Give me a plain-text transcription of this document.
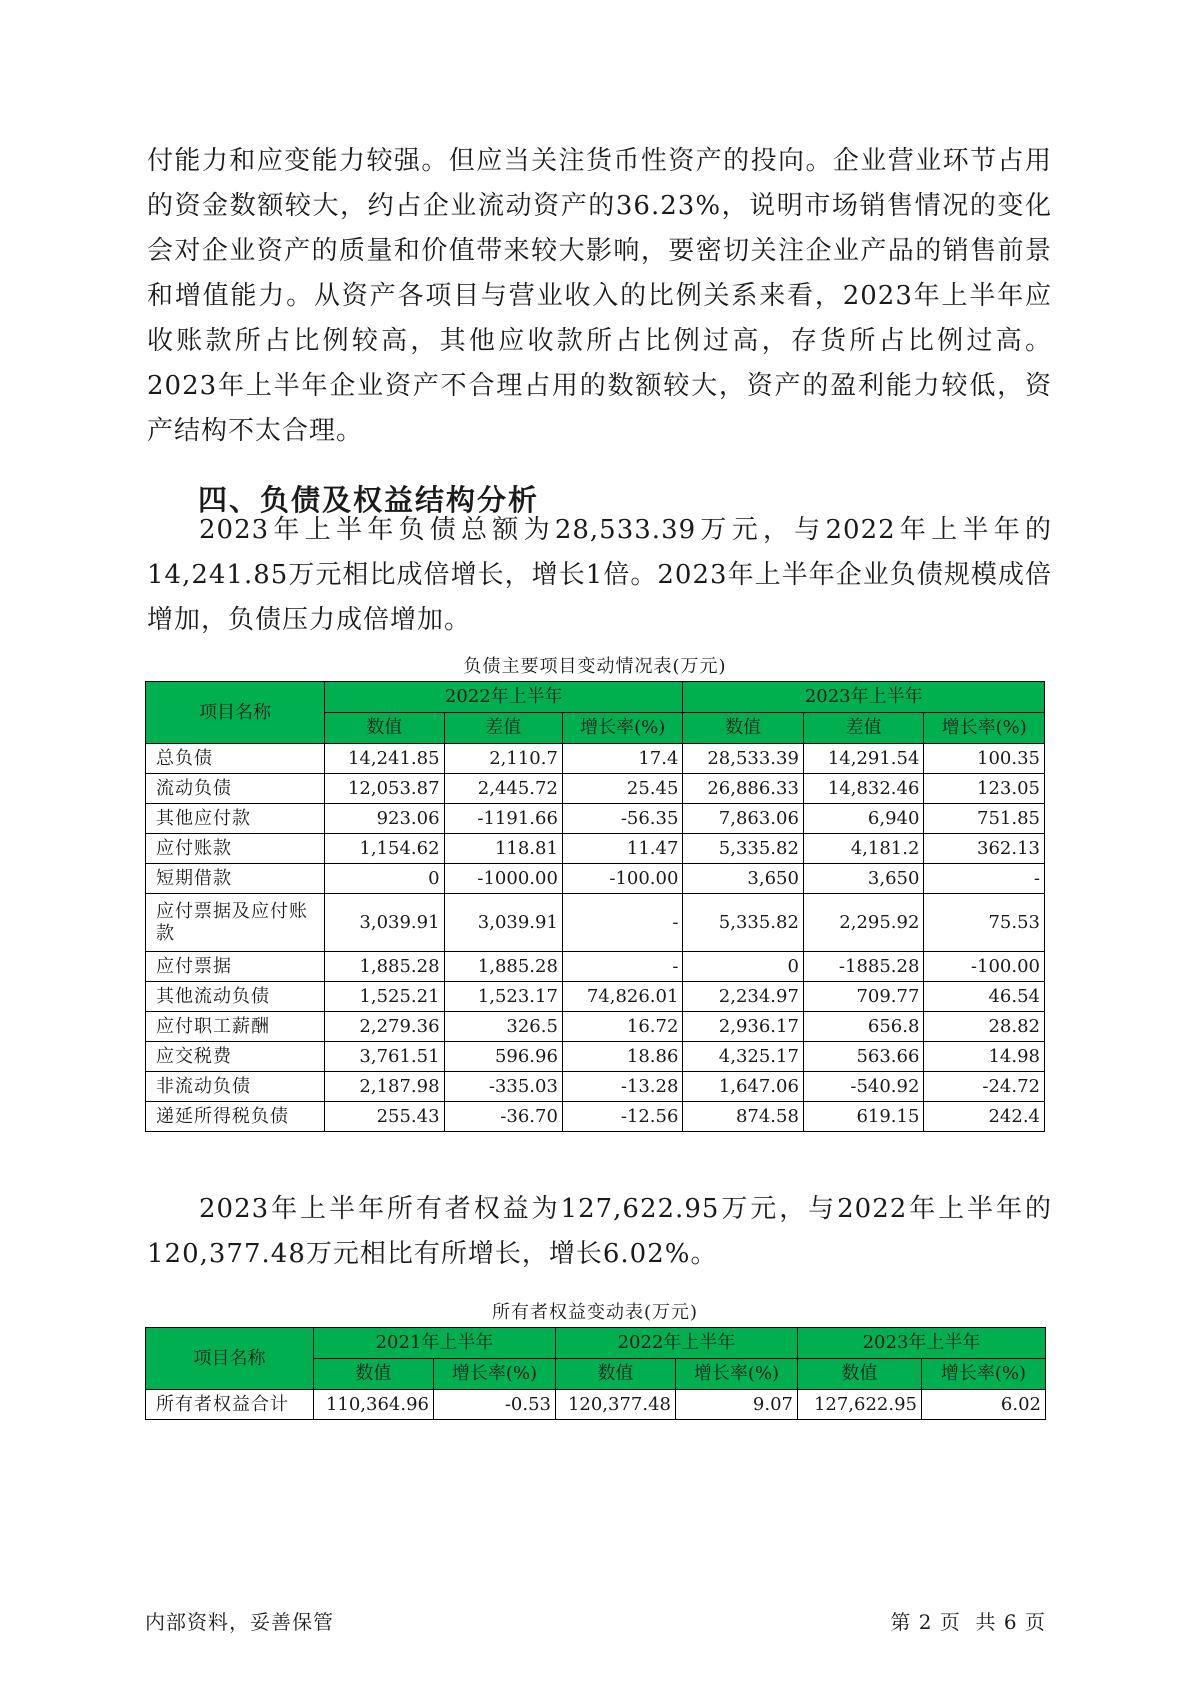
付能力和应变能力较强。但应当关注货币性资产的投向。企业营业环节占用的资金数额较大，约占企业流动资产的36.23%，说明市场销售情况的变化会对企业资产的质量和价值带来较大影响，要密切关注企业产品的销售前景和增值能力。从资产各项目与营业收入的比例关系来看，2023年上半年应收账款所占比例较高，其他应收款所占比例过高，存货所占比例过高。2023年上半年企业资产不合理占用的数额较大，资产的盈利能力较低，资产结构不太合理。

四、负债及权益结构分析

2023年上半年负债总额为28,533.39万元，与2022年上半年的14,241.85万元相比成倍增长，增长1倍。2023年上半年企业负债规模成倍增加，负债压力成倍增加。

负债主要项目变动情况表(万元)
项目名称	2022年上半年			2023年上半年		
	数值	差值	增长率(%)	数值	差值	增长率(%)
总负债	14,241.85	2,110.7	17.4	28,533.39	14,291.54	100.35
流动负债	12,053.87	2,445.72	25.45	26,886.33	14,832.46	123.05
其他应付款	923.06	-1191.66	-56.35	7,863.06	6,940	751.85
应付账款	1,154.62	118.81	11.47	5,335.82	4,181.2	362.13
短期借款	0	-1000.00	-100.00	3,650	3,650	-
应付票据及应付账款	3,039.91	3,039.91	-	5,335.82	2,295.92	75.53
应付票据	1,885.28	1,885.28	-	0	-1885.28	-100.00
其他流动负债	1,525.21	1,523.17	74,826.01	2,234.97	709.77	46.54
应付职工薪酬	2,279.36	326.5	16.72	2,936.17	656.8	28.82
应交税费	3,761.51	596.96	18.86	4,325.17	563.66	14.98
非流动负债	2,187.98	-335.03	-13.28	1,647.06	-540.92	-24.72
递延所得税负债	255.43	-36.70	-12.56	874.58	619.15	242.4

2023年上半年所有者权益为127,622.95万元，与2022年上半年的120,377.48万元相比有所增长，增长6.02%。

所有者权益变动表(万元)
项目名称	2021年上半年		2022年上半年		2023年上半年	
	数值	增长率(%)	数值	增长率(%)	数值	增长率(%)
所有者权益合计	110,364.96	-0.53	120,377.48	9.07	127,622.95	6.02
内部资料，妥善保管	第 2 页  共 6 页
